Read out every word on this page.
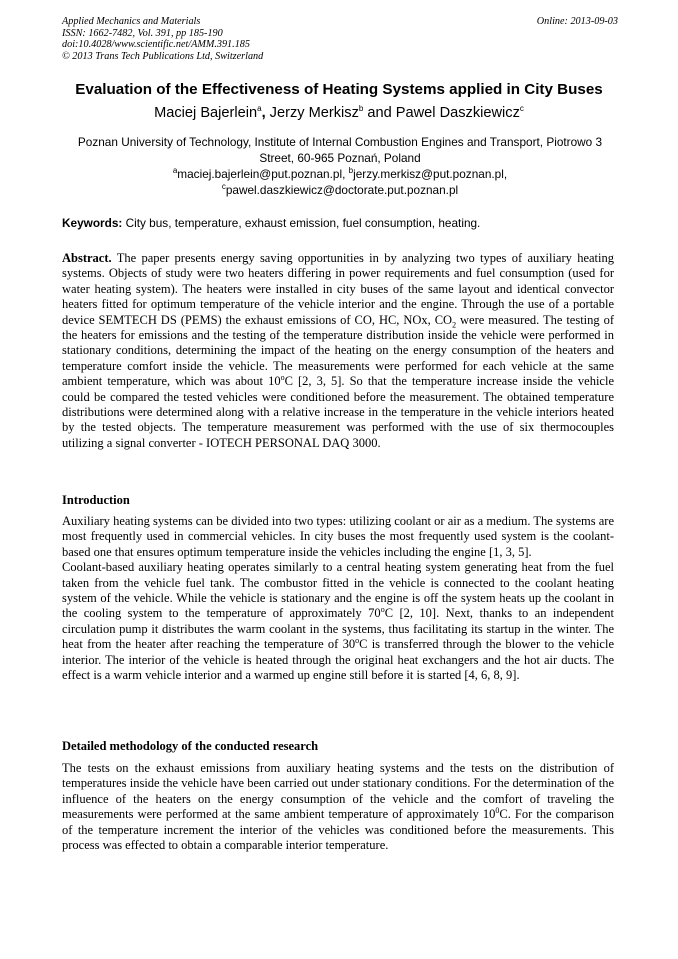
Applied Mechanics and Materials
ISSN: 1662-7482, Vol. 391, pp 185-190
doi:10.4028/www.scientific.net/AMM.391.185
© 2013 Trans Tech Publications Ltd, Switzerland
Online: 2013-09-03
Evaluation of the Effectiveness of Heating Systems applied in City Buses
Maciej Bajerlein$^a$, Jerzy Merkisz$^b$ and Pawel Daszkiewicz$^c$
Poznan University of Technology, Institute of Internal Combustion Engines and Transport, Piotrowo 3 Street, 60-965 Poznań, Poland
$^a$maciej.bajerlein@put.poznan.pl, $^b$jerzy.merkisz@put.poznan.pl,
$^c$pawel.daszkiewicz@doctorate.put.poznan.pl
Keywords: City bus, temperature, exhaust emission, fuel consumption, heating.

Abstract. The paper presents energy saving opportunities in by analyzing two types of auxiliary heating systems. Objects of study were two heaters differing in power requirements and fuel consumption (used for water heating system). The heaters were installed in city buses of the same layout and identical convector heaters fitted for optimum temperature of the vehicle interior and the engine. Through the use of a portable device SEMTECH DS (PEMS) the exhaust emissions of CO, HC, NOx, $CO_2$ were measured. The testing of the heaters for emissions and the testing of the temperature distribution inside the vehicle were performed in stationary conditions, determining the impact of the heating on the energy consumption of the heaters and temperature comfort inside the vehicle. The measurements were performed for each vehicle at the same ambient temperature, which was about 10$^o$C [2, 3, 5]. So that the temperature increase inside the vehicle could be compared the tested vehicles were conditioned before the measurement. The obtained temperature distributions were determined along with a relative increase in the temperature in the vehicle interiors heated by the tested objects. The temperature measurement was performed with the use of six thermocouples utilizing a signal converter - IOTECH PERSONAL DAQ 3000.

Introduction

Auxiliary heating systems can be divided into two types: utilizing coolant or air as a medium. The systems are most frequently used in commercial vehicles. In city buses the most frequently used system is the coolant-based one that ensures optimum temperature inside the vehicles including the engine [1, 3, 5].

Coolant-based auxiliary heating operates similarly to a central heating system generating heat from the fuel taken from the vehicle fuel tank. The combustor fitted in the vehicle is connected to the coolant heating system of the vehicle. While the vehicle is stationary and the engine is off the system heats up the coolant in the cooling system to the temperature of approximately 70$^o$C [2, 10]. Next, thanks to an independent circulation pump it distributes the warm coolant in the systems, thus facilitating its startup in the winter. The heat from the heater after reaching the temperature of 30$^o$C is transferred through the blower to the vehicle interior. The interior of the vehicle is heated through the original heat exchangers and the hot air ducts. The effect is a warm vehicle interior and a warmed up engine still before it is started [4, 6, 8, 9].

Detailed methodology of the conducted research

The tests on the exhaust emissions from auxiliary heating systems and the tests on the distribution of temperatures inside the vehicle have been carried out under stationary conditions. For the determination of the influence of the heaters on the energy consumption of the vehicle and the comfort of traveling the measurements were performed at the same ambient temperature of approximately $10^0C$. For the comparison of the temperature increment the interior of the vehicles was conditioned before the measurements. This process was effected to obtain a comparable interior temperature.
